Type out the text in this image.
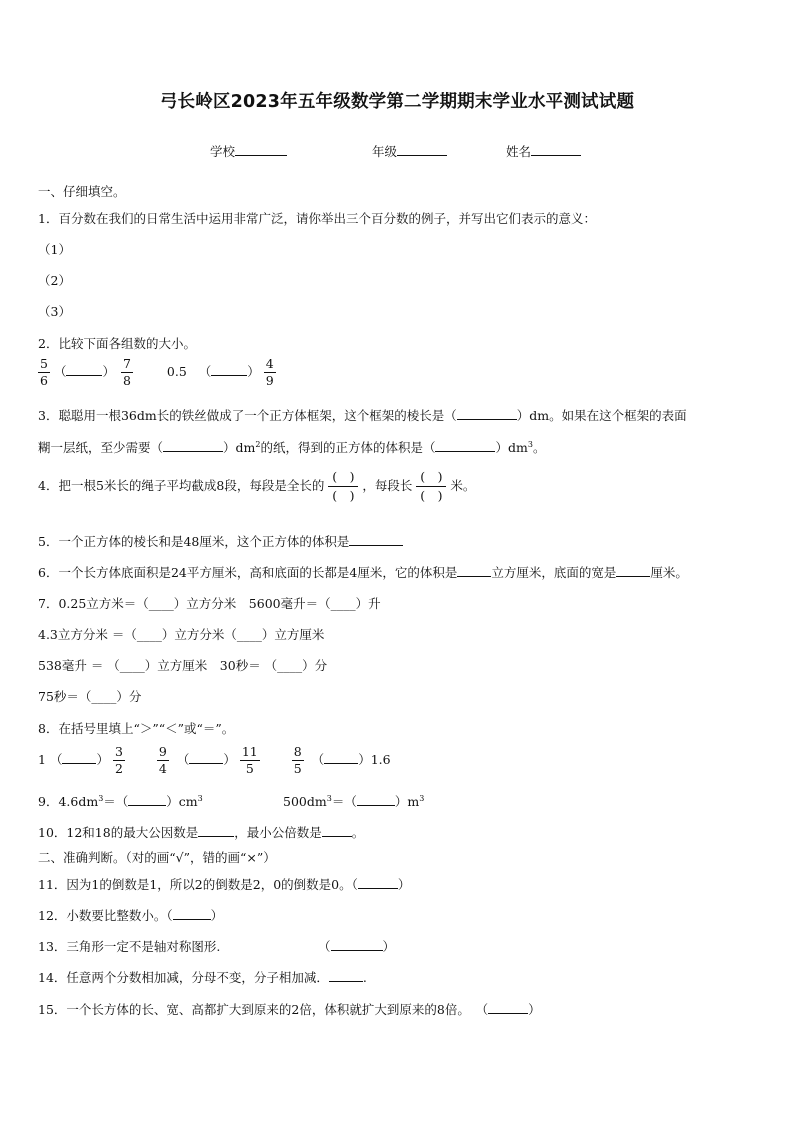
弓长岭区2023年五年级数学第二学期期末学业水平测试试题
学校	年级	姓名
一、仔细填空。
1．百分数在我们的日常生活中运用非常广泛，请你举出三个百分数的例子，并写出它们表示的意义：
（1）
（2）
（3）
2．比较下面各组数的大小。
$\frac{5}{6}$ （	） $\frac{7}{8}$	0.5 （	） $\frac{4}{9}$
3．聪聪用一根36dm长的铁丝做成了一个正方体框架，这个框架的棱长是（	）dm。如果在这个框架的表面
糊一层纸，至少需要（	）$dm^2$的纸，得到的正方体的体积是（	）$dm^3$。
4．把一根5米长的绳子平均截成8段，每段是全长的
(　)
(　)
，每段长
(　)
(　)
米。
5．一个正方体的棱长和是48厘米，这个正方体的体积是
6．一个长方体底面积是24平方厘米，高和底面的长都是4厘米，它的体积是	立方厘米，底面的宽是	厘米。
7．0.25立方米＝（____）立方分米　5600毫升＝（____）升
4.3立方分米 ＝（____）立方分米（____）立方厘米
538毫升 ＝ （____）立方厘米　30秒＝ （____）分
75秒＝（____）分
8．在括号里填上“＞”“＜”或“＝”。
1 （	） $\frac{3}{2}$
	$\frac{9}{4}$ （	） $\frac{11}{5}$
	$\frac{8}{5}$ （	）1.6
9．$4.6dm^3=$（	）$cm^3$	$500dm^3=$（	）$m^3$
10．12和18的最大公因数是	，最小公倍数是 。
二、准确判断。（对的画“√”，错的画“×”）
11．因为1的倒数是1，所以2的倒数是2，0的倒数是0。（	）
12．小数要比整数小。（	）
13．三角形一定不是轴对称图形.	（	）
14．任意两个分数相加减，分母不变，分子相加减．	.
15．一个长方体的长、宽、高都扩大到原来的2倍，体积就扩大到原来的8倍。 （	）
